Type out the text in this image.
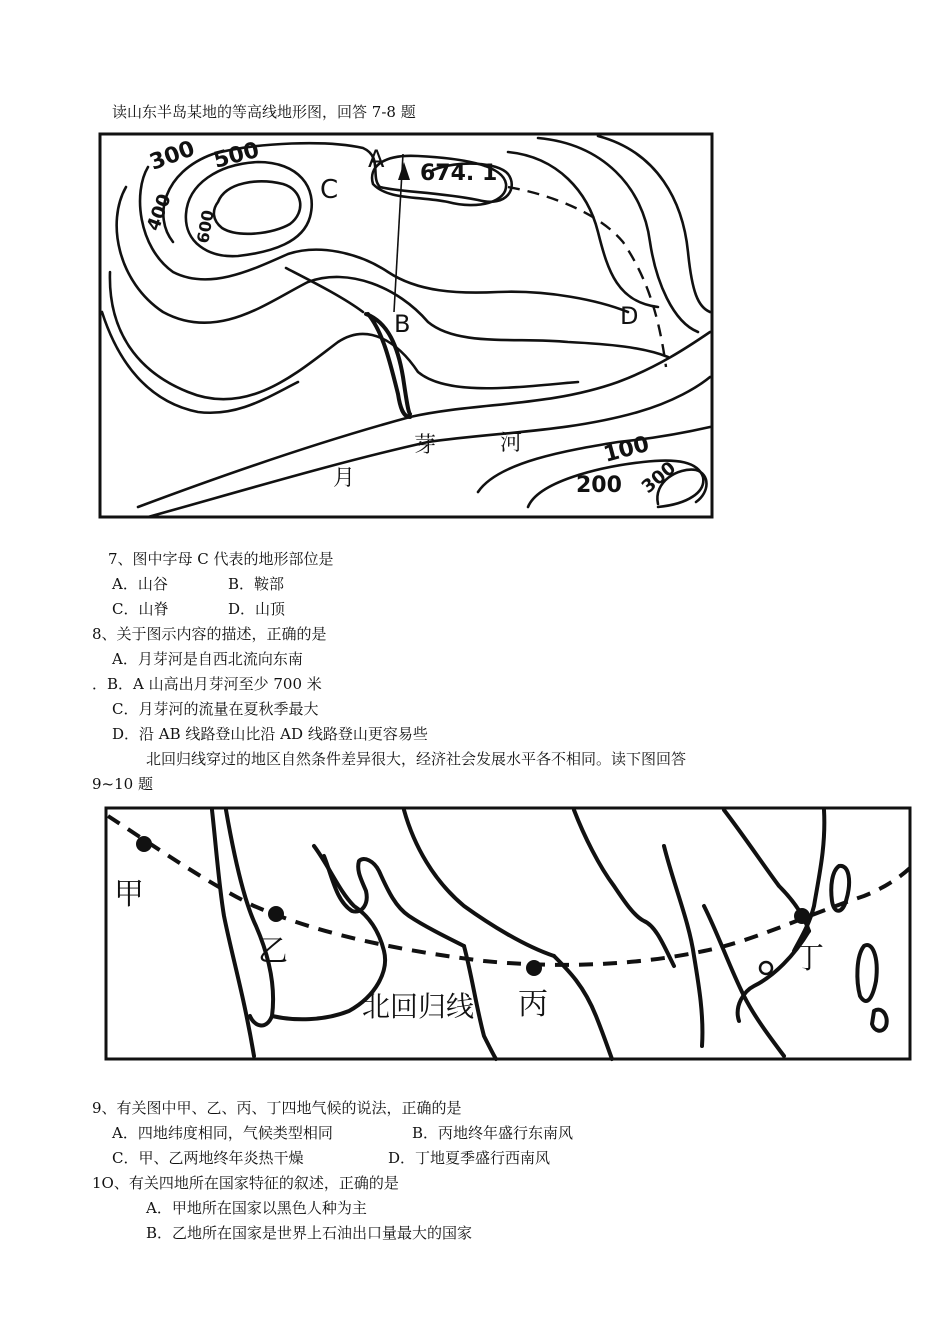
读山东半岛某地的等高线地形图，回答 7-8 题
300 500
400 600
674. 1
100
200 300
A
C
B	D
月
芽	河
7、图中字母 C 代表的地形部位是
A．山谷	B．鞍部
C．山脊	D．山顶
8、关于图示内容的描述，正确的是
A．月芽河是自西北流向东南
．B．A 山高出月芽河至少 700 米
C．月芽河的流量在夏秋季最大
D．沿 AB 线路登山比沿 AD 线路登山更容易些
北回归线穿过的地区自然条件差异很大，经济社会发展水平各不相同。读下图回答
9~10 题
甲
乙
丙
丁
北回归线
9、有关图中甲、乙、丙、丁四地气候的说法，正确的是
A．四地纬度相同，气候类型相同	B．丙地终年盛行东南风
C．甲、乙两地终年炎热干燥	D．丁地夏季盛行西南风
1O、有关四地所在国家特征的叙述，正确的是
A．甲地所在国家以黑色人种为主
B．乙地所在国家是世界上石油出口量最大的国家
